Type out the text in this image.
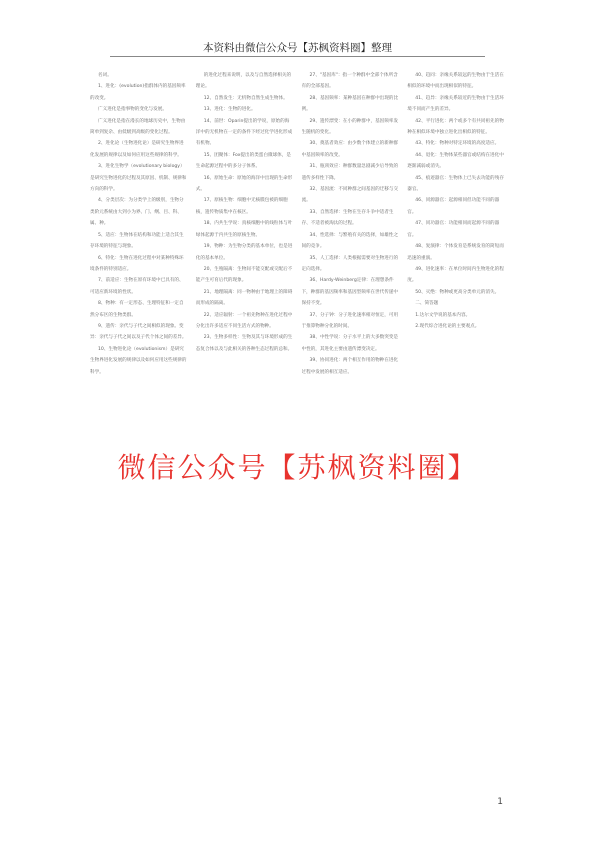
本资料由微信公众号【苏枫资料圈】整理

名词。

1、进化：(evolution)指群体内的基因频率的改变。

广义进化是指事物的变化与发展。

广义进化是指在漫长的地球历史中，生物由简单到复杂、由低级到高级的变化过程。

2、进化论（生物进化论）是研究生物界进化发展的规律以及如何应用这些规律的科学。

3、进化生物学（evolutionary biology）是研究生物进化的过程及其原因、机制、规律和方向的科学。

4、分类层次：为分类学上的级别，生物分类阶元系统由大到小为界、门、纲、目、科、属、种。

5、适应：生物体在结构和功能上适合其生存环境的特征与现象。

6、特化：生物在进化过程中对某种特殊环境条件的特别适应。

7、前适应：生物在原有环境中已具有的、可适应新环境的性状。

8、物种：有一定形态、生理特征和一定自然分布区的生物类群。

9、遗传：亲代与子代之间相似的现象。变异：亲代与子代之间以及子代个体之间的差异。

10、生物进化论（evolutionism）是研究生物界进化发展的规律以及如何应用这些规律的科学。

的进化过程来说明，以及与自然选择相关的理论。

12、自然发生：无机物自然生成生物体。

13、进化：生物的进化。

14、前世：Oparin提出的学说，原始的海洋中的无机物在一定的条件下经过化学进化形成有机物。

15、团聚体：Fox提出的类蛋白微球体，是生命起源过程中的多分子体系。

16、原始生命：原始的海洋中出现的生命形式。

17、原核生物：细胞中无核膜包被的细胞核，遗传物质集中在核区。

18、内共生学说：真核细胞中的线粒体与叶绿体起源于内共生的原核生物。

19、物种：为生物分类的基本单位，也是进化的基本单位。

20、生殖隔离：生物间不能交配或交配后不能产生可育后代的现象。

21、地理隔离：同一物种由于地理上的障碍而形成的隔离。

22、适应辐射：一个祖先物种在进化过程中分化出许多适应不同生活方式的物种。

23、生物多样性：生物及其与环境形成的生态复合体以及与此相关的各种生态过程的总和。

27、"基因库"：指一个种群中全部个体所含有的全部基因。

28、基因频率：某种基因在种群中出现的比例。

29、遗传漂变：在小的种群中，基因频率发生随机的变化。

30、奠基者效应：由少数个体建立的新种群中基因频率的改变。

31、瓶颈效应：种群数量急剧减少后导致的遗传多样性下降。

32、基因流：不同种群之间基因的迁移与交流。

33、自然选择：生物在生存斗争中适者生存、不适者被淘汰的过程。

34、性选择：与繁殖有关的选择，如雄性之间的竞争。

35、人工选择：人类根据需要对生物进行的定向选择。

36、Hardy-Weinberg定律：在理想条件下，种群的基因频率和基因型频率在世代传递中保持不变。

37、分子钟：分子进化速率相对恒定，可用于推算物种分化的时间。

38、中性学说：分子水平上的大多数突变是中性的，其进化主要由遗传漂变决定。

39、协同进化：两个相互作用的物种在进化过程中发展的相互适应。

40、趋同：亲缘关系较远的生物由于生活在相似的环境中而出现相似的特征。

41、趋异：亲缘关系较近的生物由于生活环境不同而产生的差异。

42、平行进化：两个或多个有共同祖先的物种在相似环境中独立进化出相似的特征。

43、特化：物种对特定环境的高度适应。

44、退化：生物体某些器官或结构在进化中逐渐减弱或消失。

45、痕迹器官：生物体上已失去功能的残存器官。

46、同源器官：起源相同但功能不同的器官。

47、同功器官：功能相同而起源不同的器官。

48、复演律：个体发育是系统发育的简短而迅速的重演。

49、进化速率：在单位时间内生物进化的程度。

50、灭绝：物种或更高分类单元的消失。

二、简答题

1.达尔文学说的基本内容。

2.现代综合进化论的主要观点。

微信公众号【苏枫资料圈】
1
